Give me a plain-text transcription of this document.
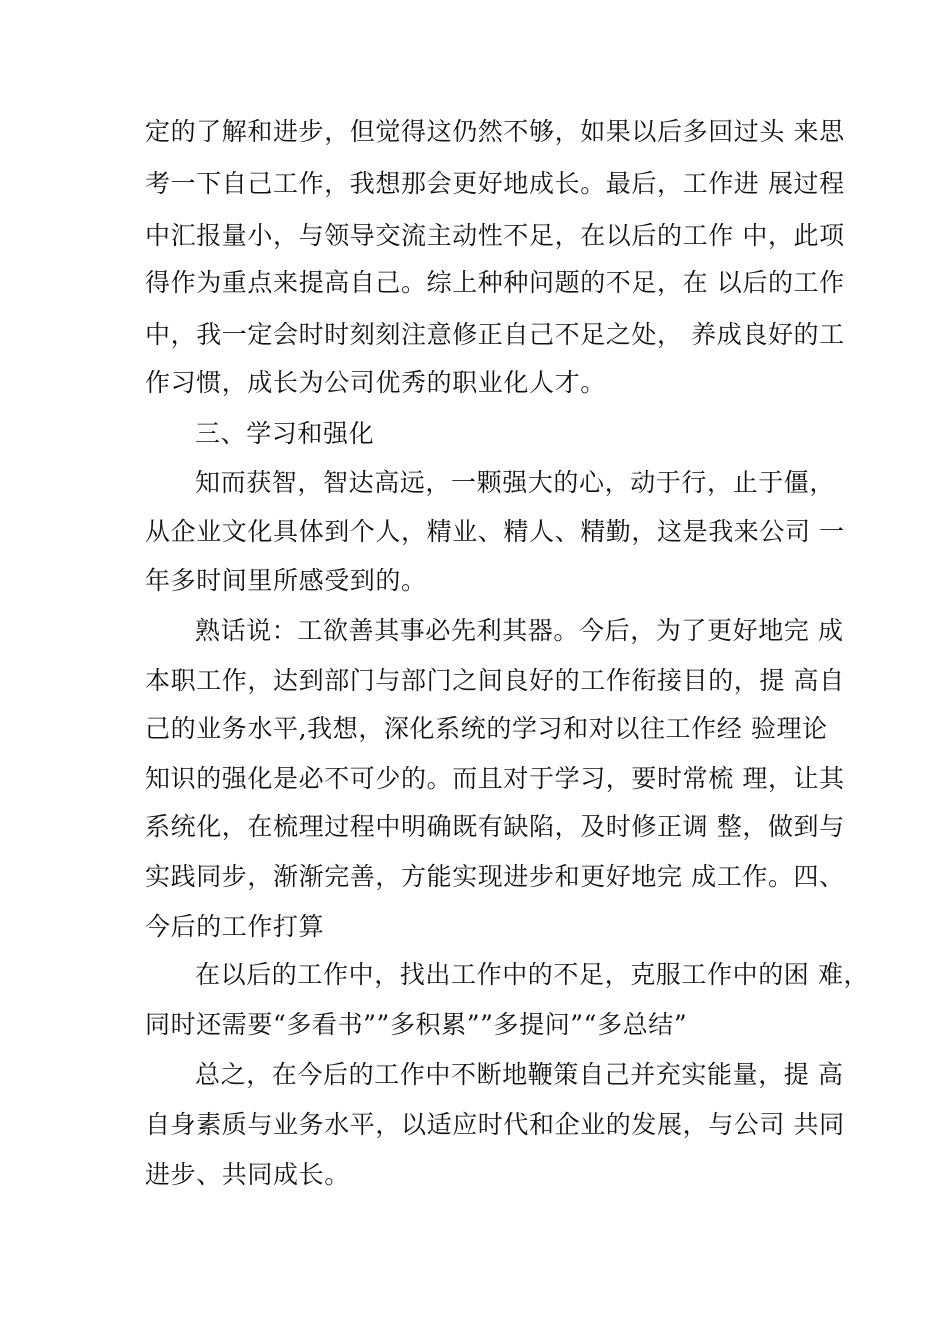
定的了解和进步，但觉得这仍然不够，如果以后多回过头 来思
考一下自己工作，我想那会更好地成长。最后，工作进 展过程
中汇报量小，与领导交流主动性不足，在以后的工作 中，此项
得作为重点来提高自己。综上种种问题的不足，在 以后的工作
中，我一定会时时刻刻注意修正自己不足之处， 养成良好的工
作习惯，成长为公司优秀的职业化人才。
三、学习和强化
知而获智，智达高远，一颗强大的心，动于行，止于僵，
从企业文化具体到个人，精业、精人、精勤，这是我来公司 一
年多时间里所感受到的。
熟话说：工欲善其事必先利其器。今后，为了更好地完 成
本职工作，达到部门与部门之间良好的工作衔接目的，提 高自
己的业务水平,我想，深化系统的学习和对以往工作经 验理论
知识的强化是必不可少的。而且对于学习，要时常梳 理，让其
系统化，在梳理过程中明确既有缺陷，及时修正调 整，做到与
实践同步，渐渐完善，方能实现进步和更好地完 成工作。四、
今后的工作打算
在以后的工作中，找出工作中的不足，克服工作中的困 难，
同时还需要“多看书””多积累””多提问”“多总结”
总之，在今后的工作中不断地鞭策自己并充实能量，提 高
自身素质与业务水平，以适应时代和企业的发展，与公司 共同
进步、共同成长。
